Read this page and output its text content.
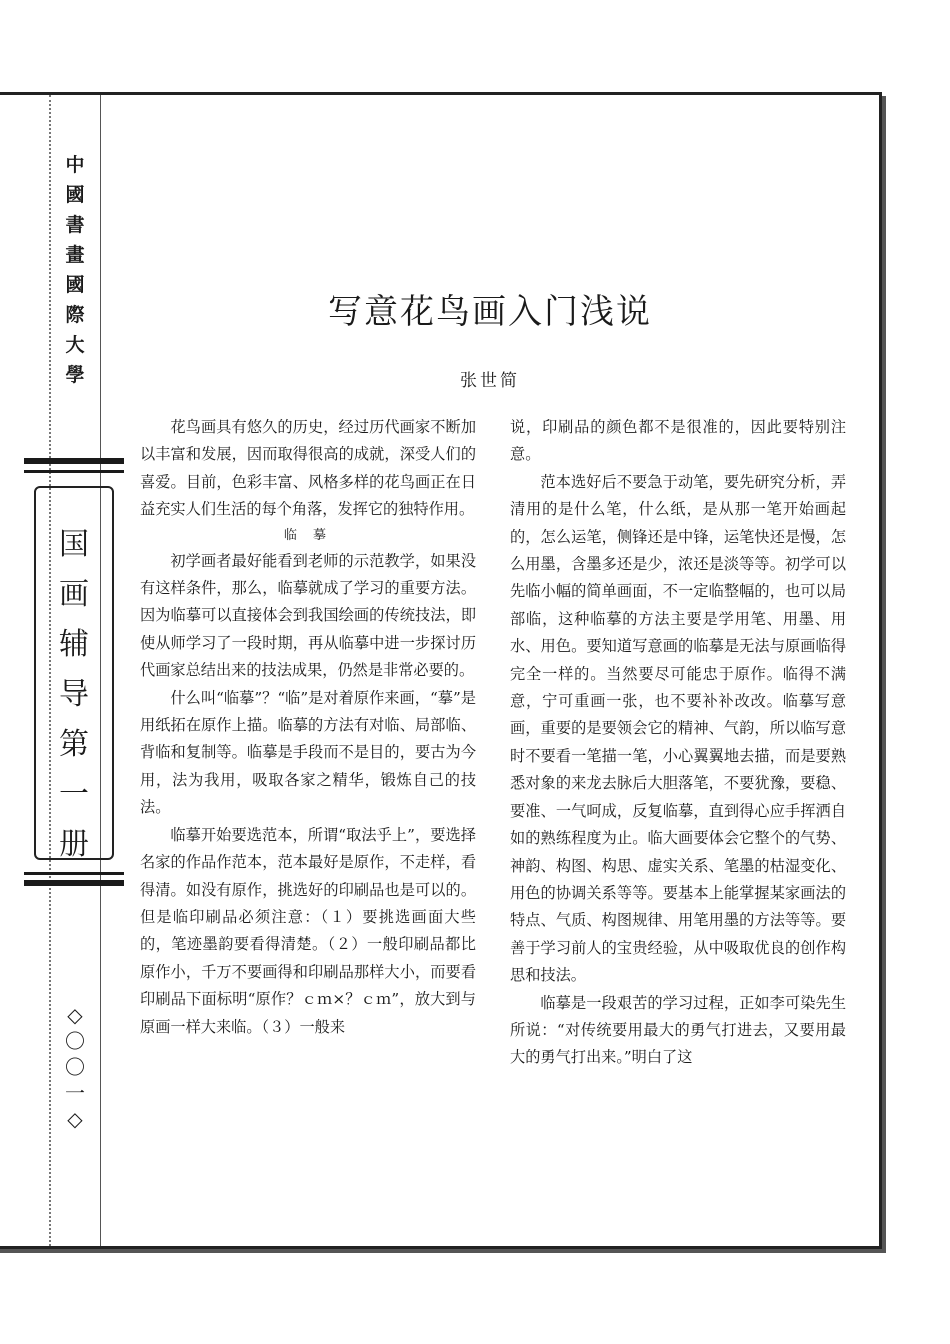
中
國
書
畫
國
際
大
學
国
画
辅
导
第
一
册
◇
〇
〇
一
◇
写意花鸟画入门浅说
张世简

花鸟画具有悠久的历史，经过历代画家不断加以丰富和发展，因而取得很高的成就，深受人们的喜爱。目前，色彩丰富、风格多样的花鸟画正在日益充实人们生活的每个角落，发挥它的独特作用。

临 摹

初学画者最好能看到老师的示范教学，如果没有这样条件，那么，临摹就成了学习的重要方法。因为临摹可以直接体会到我国绘画的传统技法，即使从师学习了一段时期，再从临摹中进一步探讨历代画家总结出来的技法成果，仍然是非常必要的。

什么叫“临摹”？“临”是对着原作来画，“摹”是用纸拓在原作上描。临摹的方法有对临、局部临、背临和复制等。临摹是手段而不是目的，要古为今用，法为我用，吸取各家之精华，锻炼自己的技法。

临摹开始要选范本，所谓“取法乎上”，要选择名家的作品作范本，范本最好是原作，不走样，看得清。如没有原作，挑选好的印刷品也是可以的。但是临印刷品必须注意：（１）要挑选画面大些的，笔迹墨韵要看得清楚。（２）一般印刷品都比原作小，千万不要画得和印刷品那样大小，而要看印刷品下面标明“原作？ｃｍ×？ｃｍ”，放大到与原画一样大来临。（３）一般来

说，印刷品的颜色都不是很准的，因此要特别注意。

范本选好后不要急于动笔，要先研究分析，弄清用的是什么笔，什么纸，是从那一笔开始画起的，怎么运笔，侧锋还是中锋，运笔快还是慢，怎么用墨，含墨多还是少，浓还是淡等等。初学可以先临小幅的简单画面，不一定临整幅的，也可以局部临，这种临摹的方法主要是学用笔、用墨、用水、用色。要知道写意画的临摹是无法与原画临得完全一样的。当然要尽可能忠于原作。临得不满意，宁可重画一张，也不要补补改改。临摹写意画，重要的是要领会它的精神、气韵，所以临写意时不要看一笔描一笔，小心翼翼地去描，而是要熟悉对象的来龙去脉后大胆落笔，不要犹豫，要稳、要准、一气呵成，反复临摹，直到得心应手挥洒自如的熟练程度为止。临大画要体会它整个的气势、神韵、构图、构思、虚实关系、笔墨的枯湿变化、用色的协调关系等等。要基本上能掌握某家画法的特点、气质、构图规律、用笔用墨的方法等等。要善于学习前人的宝贵经验，从中吸取优良的创作构思和技法。

临摹是一段艰苦的学习过程，正如李可染先生所说：“对传统要用最大的勇气打进去，又要用最大的勇气打出来。”明白了这
